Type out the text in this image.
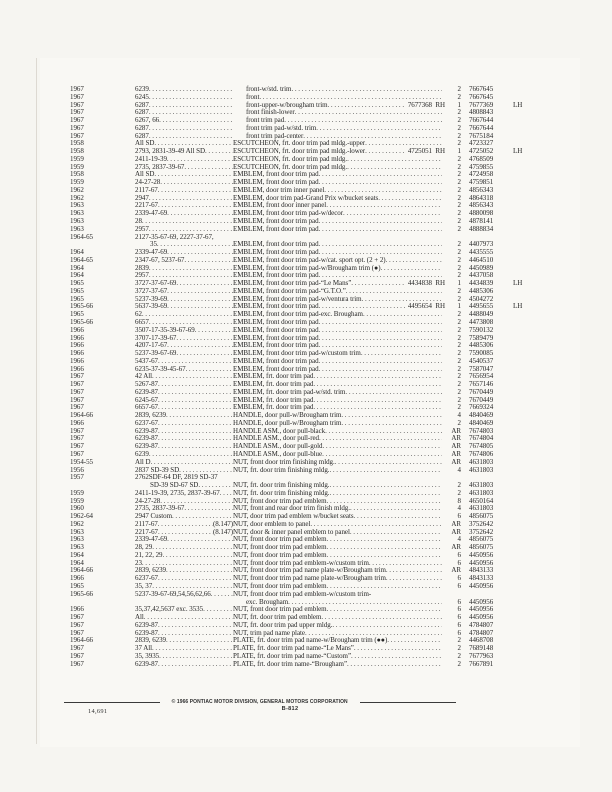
1967	6239 . . .	front-w/std. trim . . .	2	7667645
1967	6245 . . .	front . . .	2	7667645
1967	6287 . . .	front-upper-w/brougham trim . . .	7677368  RH	1	7677369	LH
1967	6287 . . .	front finish-lower . . .	2	4808843
1967	6267, 66 . . .	front trim pad . . .	2	7667644
1967	6287 . . .	front trim pad-w/std. trim . . .	2	7667644
1967	6287 . . .	front trim pad-center . . .	2	7675184
1958	All SD . . .	ESCUTCHEON, frt. door trim pad mldg.-upper . . .	2	4723327
1958	2793, 2831-39-49 All SD . . .	ESCUTCHEON, frt. door trim pad mldg.-lower . . .	4725051  RH	1	4725052	LH
1959	2411-19-39 . . .	ESCUTCHEON, frt. door trim pad mldg. . . .	2	4768509
1959	2735, 2837-39-67 . . .	ESCUTCHEON, frt. door trim pad mldg. . . .	2	4759855
1958	All SD . . .	EMBLEM, front door trim pad . . .	2	4724958
1959	24-27-28 . . .	EMBLEM, front door trim pad . . .	2	4759851
1962	2117-67 . . .	EMBLEM, door trim inner panel . . .	2	4856343
1962	2947 . . .	EMBLEM, door trim pad-Grand Prix w/bucket seats . . .	2	4864318
1963	2217-67 . . .	EMBLEM, front door inner panel . . .	2	4856343
1963	2339-47-69 . . .	EMBLEM, front door trim pad-w/decor . . .	2	4880098
1963	28 . . .	EMBLEM, front door trim pad . . .	2	4878141
1963	2957 . . .	EMBLEM, front door trim pad . . .	2	4888834
1964-65	2127-35-67-69, 2227-37-67,
35 . . .	EMBLEM, front door trim pad . . .	2	4407973
1964	2339-47-69 . . .	EMBLEM, front door trim pad . . .	2	4435555
1964-65	2347-67, 5237-67 . . .	EMBLEM, front door trim pad-w/cat. sport opt. (2 + 2) . . .	2	4464510
1964	2839 . . .	EMBLEM, front door trim pad-w/Brougham trim (●) . . .	2	4450989
1964	2957 . . .	EMBLEM, front door trim pad . . .	2	4437058
1965	3727-37-67-69 . . .	EMBLEM, front door trim pad-“Le Mans” . . .	4434838  RH	1	4434839	LH
1965	3727-37-67 . . .	EMBLEM, front door trim pad-“G.T.O.” . . .	2	4485306
1965	5237-39-69 . . .	EMBLEM, front door trim pad-w/ventura trim . . .	2	4504272
1965-66	5637-39-69 . . .	EMBLEM, front door trim pad . . .	4495654  RH	1	4495655	LH
1965	62 . . .	EMBLEM, front door trim pad-exc. Brougham . . .	2	4488049
1965-66	6657 . . .	EMBLEM, front door trim pad . . .	2	4473808
1966	3507-17-35-39-67-69 . . .	EMBLEM, front door trim pad . . .	2	7590132
1966	3707-17-39-67 . . .	EMBLEM, front door trim pad . . .	2	7589479
1966	4207-17-67 . . .	EMBLEM, front door trim pad . . .	2	4485306
1966	5237-39-67-69 . . .	EMBLEM, front door trim pad-w/custom trim . . .	2	7590085
1966	5437-67 . . .	EMBLEM, front door trim pad . . .	2	4540537
1966	6235-37-39-45-67 . . .	EMBLEM, front door trim pad . . .	2	7587047
1967	42 All . . .	EMBLEM, frt. door trim pad . . .	2	7656954
1967	5267-87 . . .	EMBLEM, frt. door trim pad . . .	2	7657146
1967	6239-87 . . .	EMBLEM, frt. door trim pad-w/std. trim . . .	2	7670449
1967	6245-67 . . .	EMBLEM, frt. door trim pad . . .	2	7670449
1967	6657-67 . . .	EMBLEM, frt. door trim pad . . .	2	7669324
1964-66	2839, 6239 . . .	HANDLE, door pull-w/Brougham trim . . .	4	4840469
1966	6237-67 . . .	HANDLE, door pull-w/Brougham trim . . .	2	4840469
1967	6239-87 . . .	HANDLE ASM., door pull-black . . .	AR	7674803
1967	6239-87 . . .	HANDLE ASM., door pull-red . . .	AR	7674804
1967	6239-87 . . .	HANDLE ASM., door pull-gold . . .	AR	7674805
1967	6239 . . .	HANDLE ASM., door pull-blue . . .	AR	7674806
1954-55	All D . . .	NUT, front door trim finishing mldg. . . .	AR	4631803
1956	2837 SD-39 SD . . .	NUT, frt. door trim finishing mldg. . . .	4	4631803
1957	2762SDF-64 DF, 2819 SD-37
SD-39 SD-67 SD . . .	NUT, frt. door trim finishing mldg. . . .	2	4631803
1959	2411-19-39, 2735, 2837-39-67 . . . NUT, frt. door trim finishing mldg. . . .	2	4631803
1959	24-27-28 . . .	NUT, front door trim pad emblem . . .	8	4650164
1960	2735, 2837-39-67 . . .	NUT, front and rear door trim finish mldg. . . .	4	4631803
1962-64	2947 Custom . . .	NUT, door trim pad emblem w/bucket seats . . .	6	4856075
1962	2117-67 . . .	(8.147) NUT, door emblem to panel . . .	AR	3752642
1963	2217-67 . . .	(8.147) NUT, door & inner panel emblem to panel . . .	AR	3752642
1963	2339-47-69 . . .	NUT, front door trim pad emblem . . .	4	4856075
1963	28, 29 . . .	NUT, front door trim pad emblem . . .	AR	4856075
1964	21, 22, 29 . . .	NUT, front door trim pad emblem . . .	6	4450956
1964	23 . . .	NUT, front door trim pad emblem-w/custom trim . . .	6	4450956
1964-66	2839, 6239 . . .	NUT, front door trim pad name plate-w/Brougham trim . . .	AR	4843133
1966	6237-67 . . .	NUT, front door trim pad name plate-w/Brougham trim . . .	6	4843133
1965	35, 37 . . .	NUT, front door trim pad emblem . . .	6	4450956
1965-66	5237-39-67-69,54,56,62,66 . . .	NUT, front door trim pad emblem-w/custom trim-
exc. Brougham . . .	6	4450956
1966	35,37,42,5637 exc. 3535 . . .	NUT, front door trim pad emblem . . .	6	4450956
1967	All . . .	NUT, frt. door trim pad emblem . . .	6	4450956
1967	6239-87 . . .	NUT, frt. door trim pad upper mldg. . . .	6	4784807
1967	6239-87 . . .	NUT, trim pad name plate . . .	6	4784807
1964-66	2839, 6239 . . .	PLATE, frt. door trim pad name-w/Brougham trim (●●) . . .	2	4468708
1967	37 All . . .	PLATE, frt. door trim pad name-“Le Mans” . . .	2	7689148
1967	35, 3935 . . .	PLATE, frt. door trim pad name-“Custom” . . .	2	7677963
1967	6239-87 . . .	PLATE, frt. door trim name-“Brougham” . . .	2	7667891
© 1966 PONTIAC MOTOR DIVISION, GENERAL MOTORS CORPORATION
B-812
14,691
